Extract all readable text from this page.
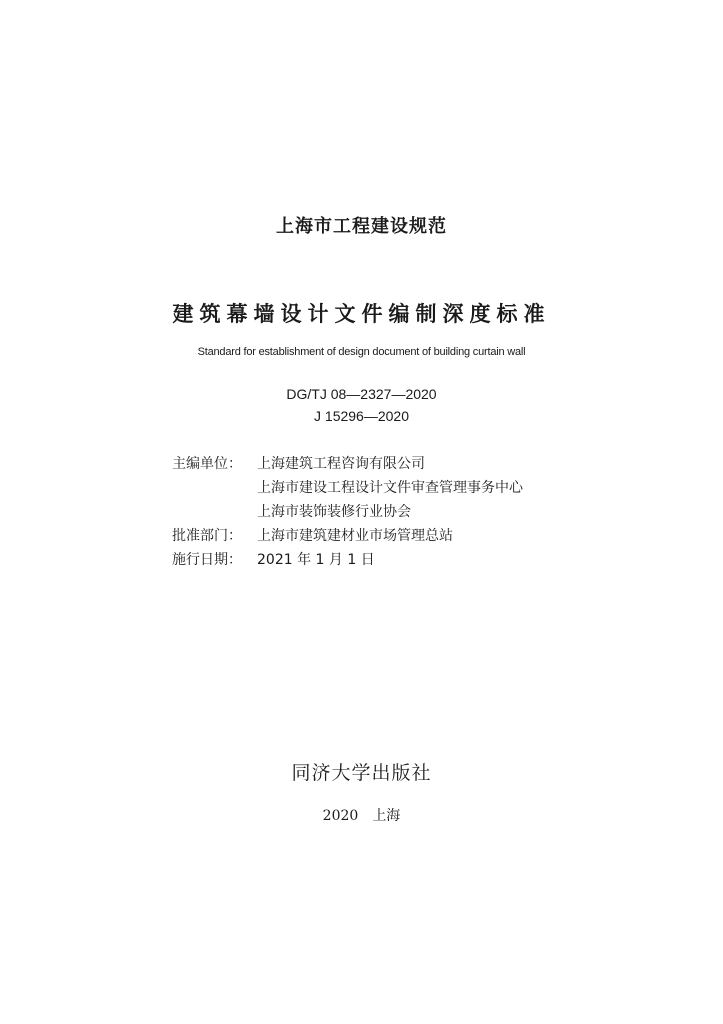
上海市工程建设规范
建筑幕墙设计文件编制深度标准
Standard for establishment of design document of building curtain wall
DG/TJ 08—2327—2020
J 15296—2020
主编单位：	上海建筑工程咨询有限公司
上海市建设工程设计文件审查管理事务中心
上海市装饰装修行业协会
批准部门：	上海市建筑建材业市场管理总站
施行日期：	2021 年 1 月 1 日
同济大学出版社
2020 上海
